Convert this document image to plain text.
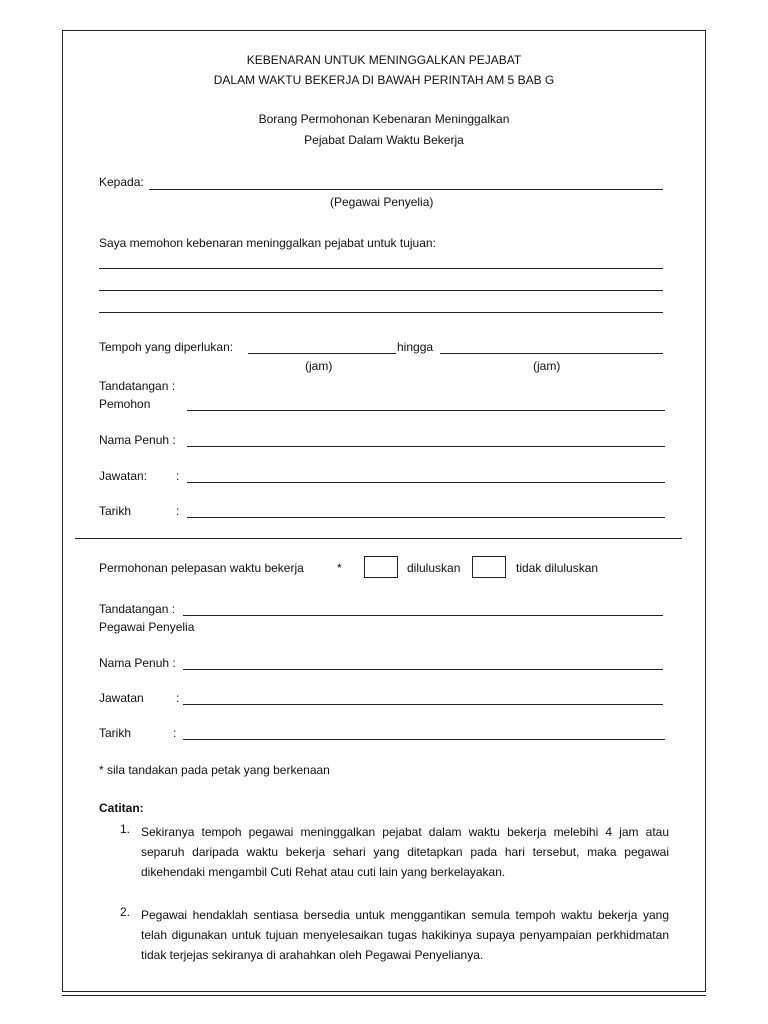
KEBENARAN UNTUK MENINGGALKAN PEJABAT
DALAM WAKTU BEKERJA DI BAWAH PERINTAH AM 5 BAB G
Borang Permohonan Kebenaran Meninggalkan
Pejabat Dalam Waktu Bekerja
Kepada:
(Pegawai Penyelia)
Saya memohon kebenaran meninggalkan pejabat untuk tujuan:
Tempoh yang diperlukan:	hingga
(jam)	(jam)
Tandatangan :
Pemohon
Nama Penuh :
Jawatan: :
Tarikh	:
Permohonan pelepasan waktu bekerja	*	diluluskan	tidak diluluskan
Tandatangan :
Pegawai Penyelia
Nama Penuh :
Jawatan	:
Tarikh	:
* sila tandakan pada petak yang berkenaan
Catitan:
1. Sekiranya tempoh pegawai meninggalkan pejabat dalam waktu bekerja melebihi 4 jam atau separuh daripada waktu bekerja sehari yang ditetapkan pada hari tersebut, maka pegawai dikehendaki mengambil Cuti Rehat atau cuti lain yang berkelayakan.
2. Pegawai hendaklah sentiasa bersedia untuk menggantikan semula tempoh waktu bekerja yang telah digunakan untuk tujuan menyelesaikan tugas hakikinya supaya penyampaian perkhidmatan tidak terjejas sekiranya di arahahkan oleh Pegawai Penyelianya.
